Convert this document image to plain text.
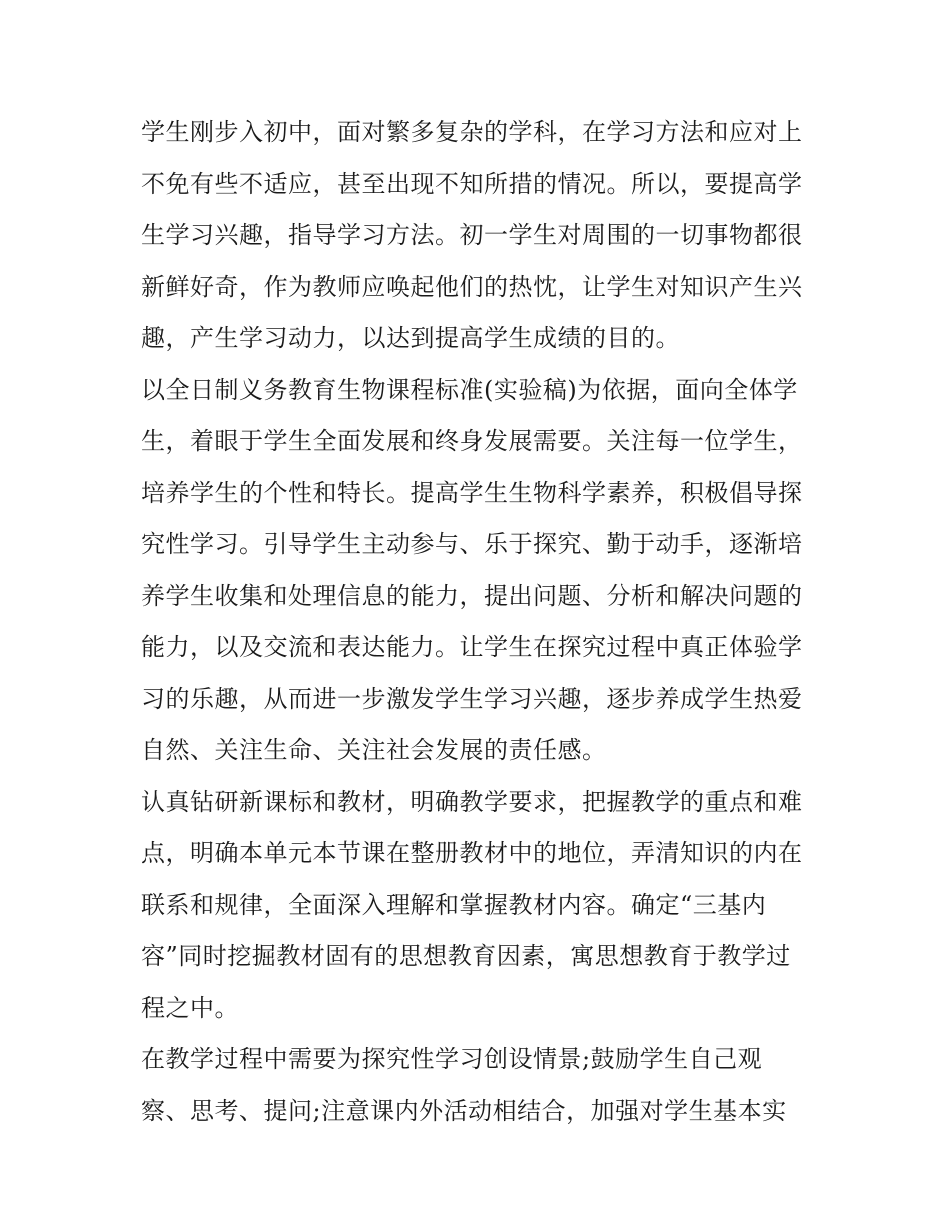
学生刚步入初中，面对繁多复杂的学科，在学习方法和应对上
不免有些不适应，甚至出现不知所措的情况。所以，要提高学
生学习兴趣，指导学习方法。初一学生对周围的一切事物都很
新鲜好奇，作为教师应唤起他们的热忱，让学生对知识产生兴
趣，产生学习动力，以达到提高学生成绩的目的。
以全日制义务教育生物课程标准(实验稿)为依据，面向全体学
生，着眼于学生全面发展和终身发展需要。关注每一位学生，
培养学生的个性和特长。提高学生生物科学素养，积极倡导探
究性学习。引导学生主动参与、乐于探究、勤于动手，逐渐培
养学生收集和处理信息的能力，提出问题、分析和解决问题的
能力，以及交流和表达能力。让学生在探究过程中真正体验学
习的乐趣，从而进一步激发学生学习兴趣，逐步养成学生热爱
自然、关注生命、关注社会发展的责任感。
认真钻研新课标和教材，明确教学要求，把握教学的重点和难
点，明确本单元本节课在整册教材中的地位，弄清知识的内在
联系和规律，全面深入理解和掌握教材内容。确定“三基内
容”同时挖掘教材固有的思想教育因素，寓思想教育于教学过
程之中。
在教学过程中需要为探究性学习创设情景;鼓励学生自己观
察、思考、提问;注意课内外活动相结合，加强对学生基本实
